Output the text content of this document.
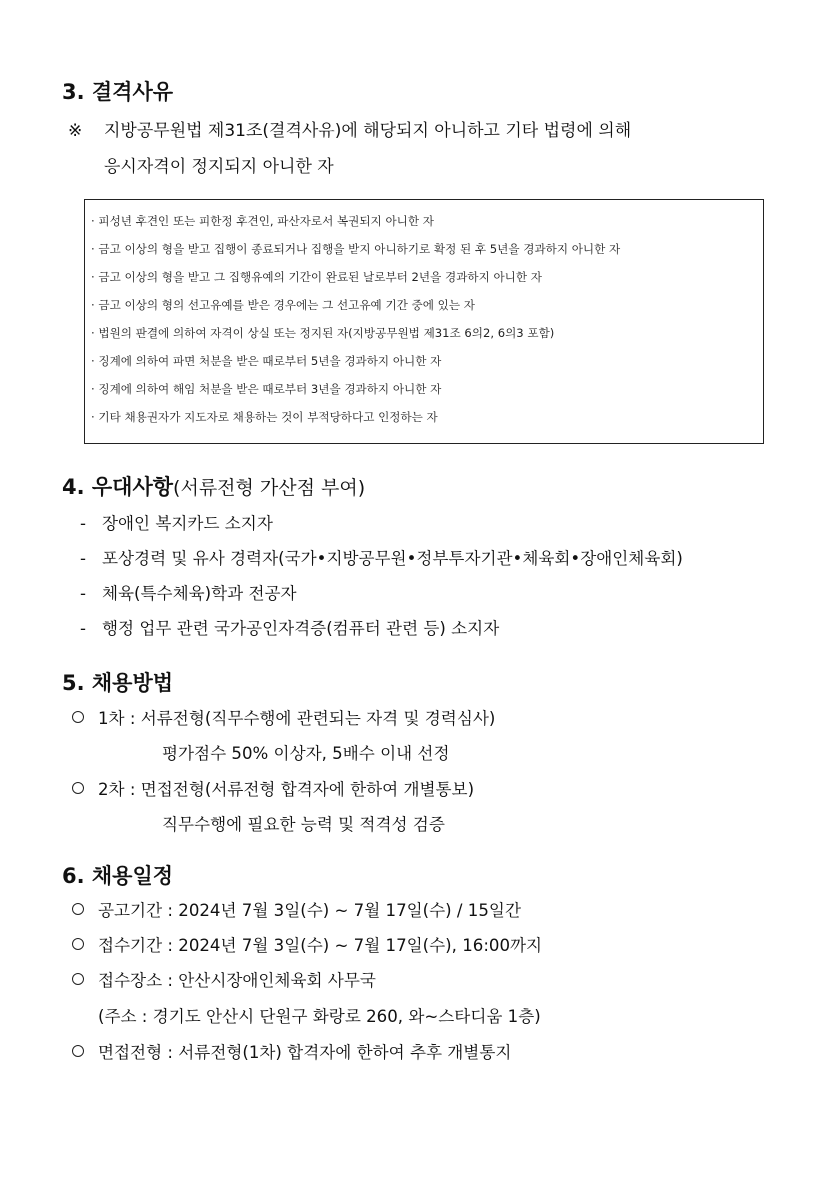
3. 결격사유
※ 지방공무원법 제31조(결격사유)에 해당되지 아니하고 기타 법령에 의해
응시자격이 정지되지 아니한 자
· 피성년 후견인 또는 피한정 후견인, 파산자로서 복권되지 아니한 자
· 금고 이상의 형을 받고 집행이 종료되거나 집행을 받지 아니하기로 확정 된 후 5년을 경과하지 아니한 자
· 금고 이상의 형을 받고 그 집행유예의 기간이 완료된 날로부터 2년을 경과하지 아니한 자
· 금고 이상의 형의 선고유예를 받은 경우에는 그 선고유예 기간 중에 있는 자
· 법원의 판결에 의하여 자격이 상실 또는 정지된 자(지방공무원법 제31조 6의2, 6의3 포함)
· 징계에 의하여 파면 처분을 받은 때로부터 5년을 경과하지 아니한 자
· 징계에 의하여 해임 처분을 받은 때로부터 3년을 경과하지 아니한 자
· 기타 채용권자가 지도자로 채용하는 것이 부적당하다고 인정하는 자
4. 우대사항(서류전형 가산점 부여)
- 장애인 복지카드 소지자
- 포상경력 및 유사 경력자(국가•지방공무원•정부투자기관•체육회•장애인체육회)
- 체육(특수체육)학과 전공자
- 행정 업무 관련 국가공인자격증(컴퓨터 관련 등) 소지자
5. 채용방법
1차 : 서류전형(직무수행에 관련되는 자격 및 경력심사)
평가점수 50% 이상자, 5배수 이내 선정
2차 : 면접전형(서류전형 합격자에 한하여 개별통보)
직무수행에 필요한 능력 및 적격성 검증
6. 채용일정
공고기간 : 2024년 7월 3일(수) ~ 7월 17일(수) / 15일간
접수기간 : 2024년 7월 3일(수) ~ 7월 17일(수), 16:00까지
접수장소 : 안산시장애인체육회 사무국
(주소 : 경기도 안산시 단원구 화랑로 260, 와~스타디움 1층)
면접전형 : 서류전형(1차) 합격자에 한하여 추후 개별통지
